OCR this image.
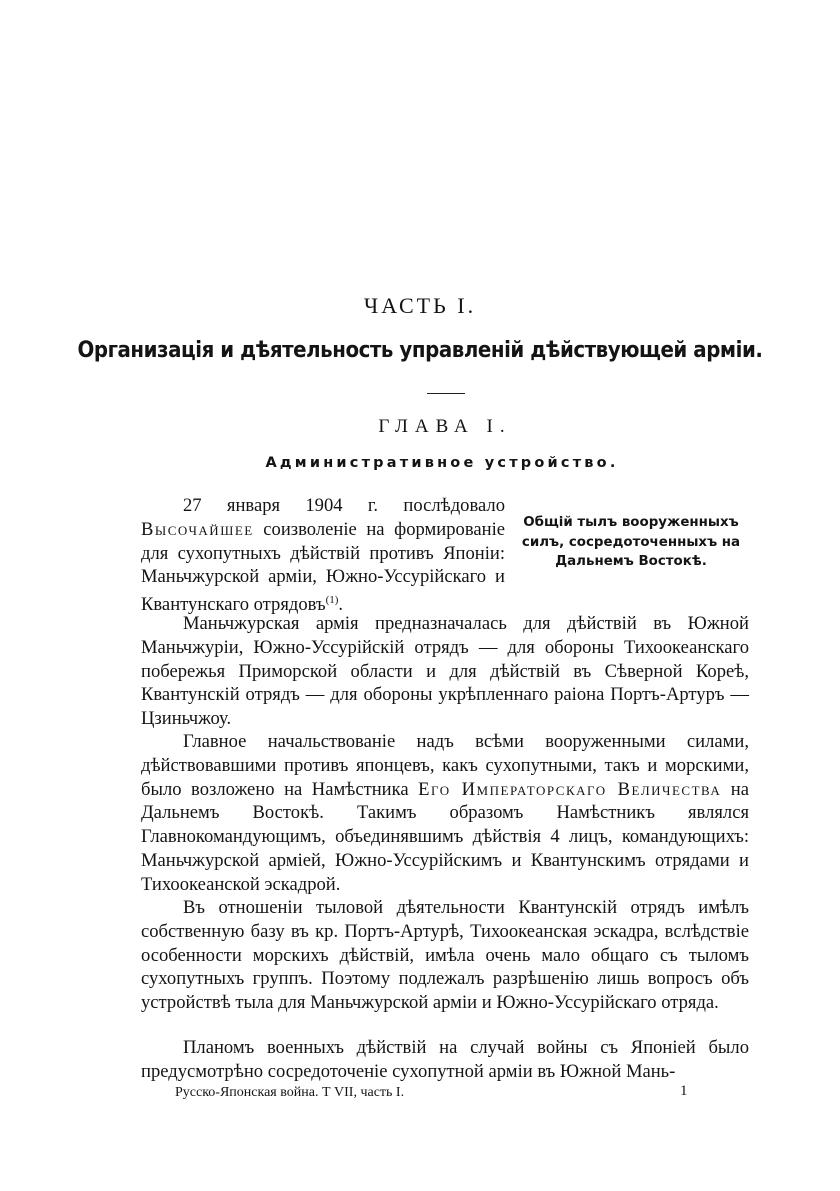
ЧАСТЬ I.
Организація и дѣятельность управленій дѣйствующей арміи.
ГЛАВА I.
Административное устройство.
27 января 1904 г. послѣдовало Высочайшее соизволеніе на формированіе для сухопутныхъ дѣйствій противъ Японіи: Маньчжурской арміи, Южно-Уссурійскаго и Квантунскаго отрядовъ$^{(1)}$.
Общій тылъ вооруженныхъ силъ, сосредоточенныхъ на Дальнемъ Востокѣ.
Маньчжурская армія предназначалась для дѣйствій въ Южной Маньчжуріи, Южно-Уссурійскій отрядъ — для обороны Тихоокеанскаго побережья Приморской области и для дѣйствій въ Сѣверной Кореѣ, Квантунскій отрядъ — для обороны укрѣпленнаго раіона Портъ-Артуръ — Цзиньчжоу.
Главное начальствованіе надъ всѣми вооруженными силами, дѣйствовавшими противъ японцевъ, какъ сухопутными, такъ и морскими, было возложено на Намѣстника Его Императорскаго Величества на Дальнемъ Востокѣ. Такимъ образомъ Намѣстникъ являлся Главнокомандующимъ, объединявшимъ дѣйствія 4 лицъ, командующихъ: Маньчжурской арміей, Южно-Уссурійскимъ и Квантунскимъ отрядами и Тихоокеанской эскадрой.
Въ отношеніи тыловой дѣятельности Квантунскій отрядъ имѣлъ собственную базу въ кр. Портъ-Артурѣ, Тихоокеанская эскадра, вслѣдствіе особенности морскихъ дѣйствій, имѣла очень мало общаго съ тыломъ сухопутныхъ группъ. Поэтому подлежалъ разрѣшенію лишь вопросъ объ устройствѣ тыла для Маньчжурской арміи и Южно-Уссурійскаго отряда.
Планомъ военныхъ дѣйствій на случай войны съ Японіей было предусмотрѣно сосредоточеніе сухопутной арміи въ Южной Мань-
Русско-Японская война. Т VII, часть I.	1
